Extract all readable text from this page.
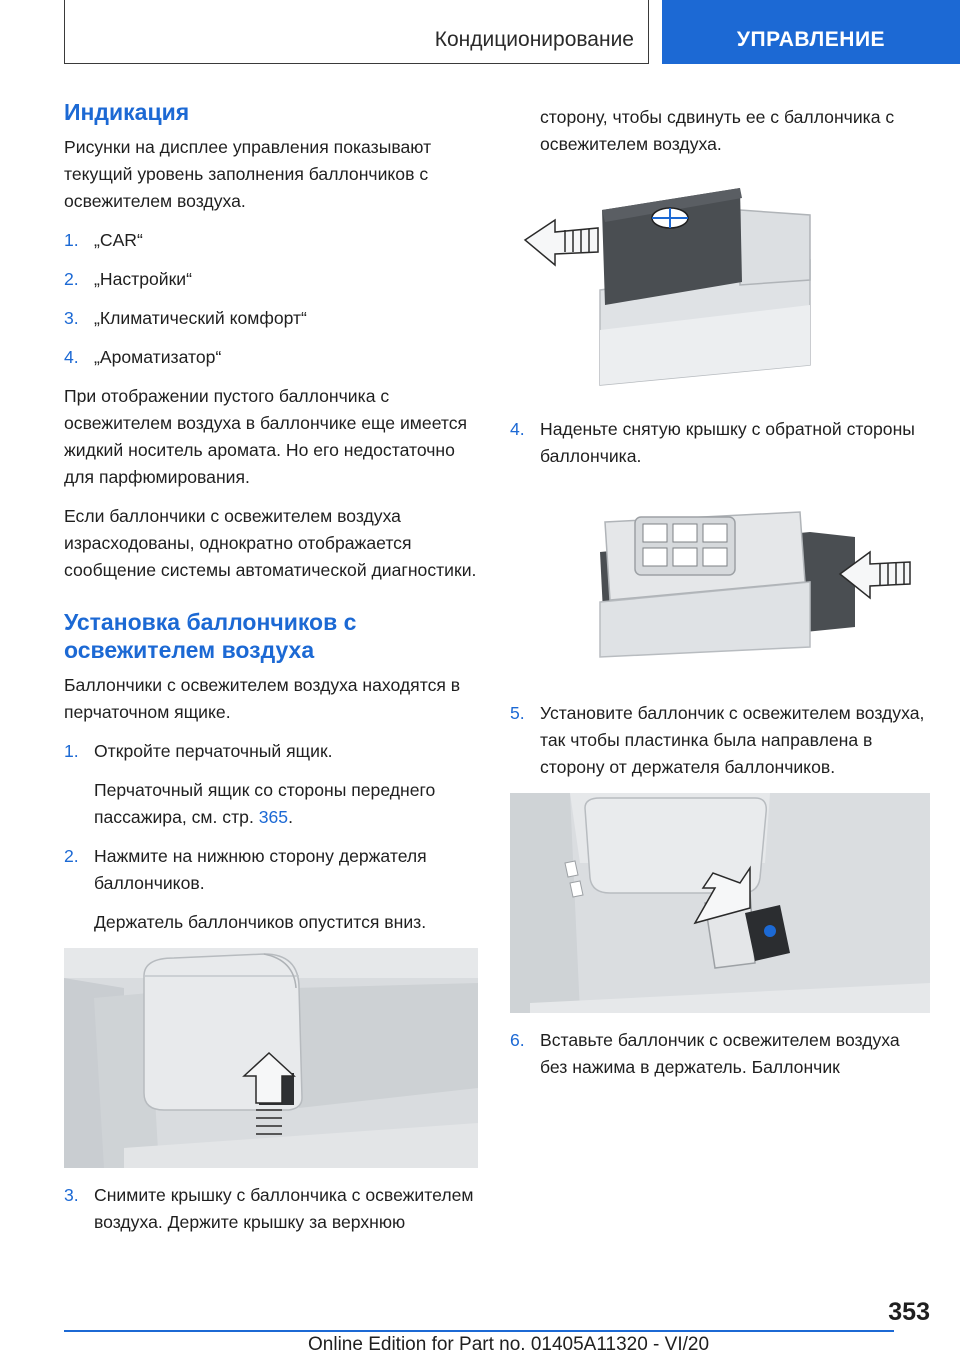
Кондиционирование	УПРАВЛЕНИЕ
Индикация

Рисунки на дисплее управления показывают текущий уровень заполнения баллончиков с освежителем воздуха.

1. „CAR“
2. „Настройки“
3. „Климатический комфорт“
4. „Ароматизатор“

При отображении пустого баллончика с освежителем воздуха в баллончике еще имеется жидкий носитель аромата. Но его недостаточно для парфюмирования.

Если баллончики с освежителем воздуха израсходованы, однократно отображается сообщение системы автоматической диагностики.

Установка баллончиков с освежителем воздуха

Баллончики с освежителем воздуха находятся в перчаточном ящике.

1. Откройте перчаточный ящик.
Перчаточный ящик со стороны переднего пассажира, см. стр. 365.
2. Нажмите на нижнюю сторону держателя баллончиков.
Держатель баллончиков опустится вниз.
3. Снимите крышку с баллончика с освежителем воздуха. Держите крышку за верхнюю
сторону, чтобы сдвинуть ее с баллончика с освежителем воздуха.
4. Наденьте снятую крышку с обратной стороны баллончика.
5. Установите баллончик с освежителем воздуха, так чтобы пластинка была направлена в сторону от держателя баллончиков.
6. Вставьте баллончик с освежителем воздуха без нажима в держатель. Баллончик
353
Online Edition for Part no. 01405A11320 - VI/20
